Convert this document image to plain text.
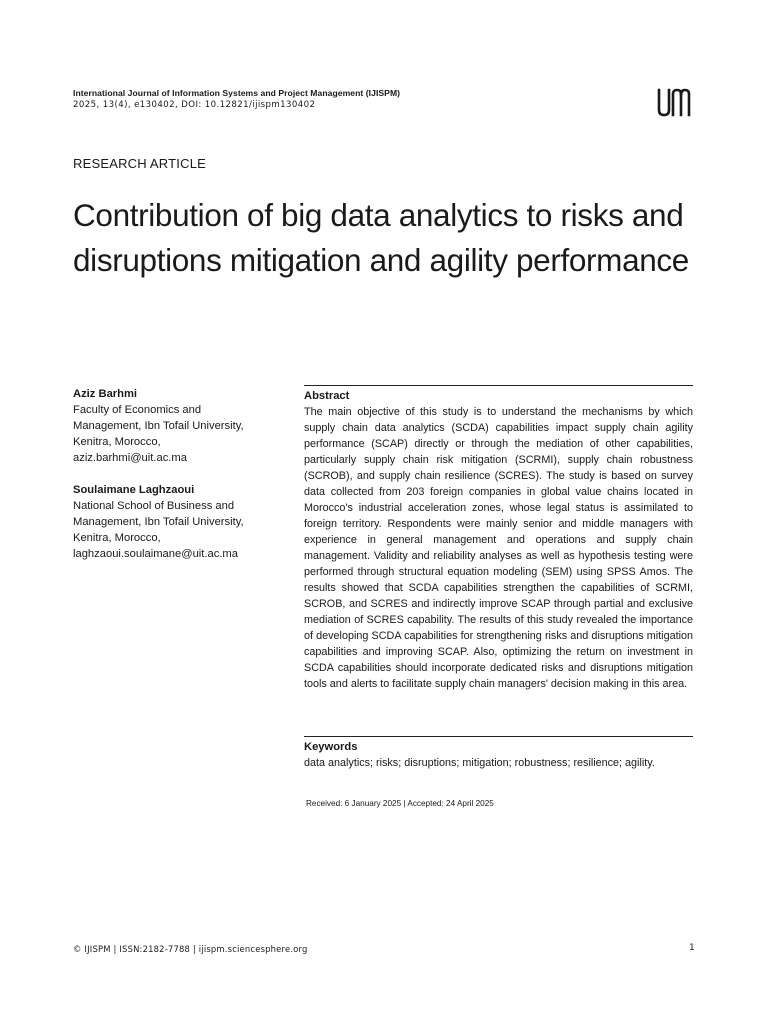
International Journal of Information Systems and Project Management (IJISPM)
2025, 13(4), e130402, DOI: 10.12821/ijispm130402
RESEARCH ARTICLE
Contribution of big data analytics to risks and disruptions mitigation and agility performance
Aziz Barhmi
Faculty of Economics and
Management, Ibn Tofail University,
Kenitra, Morocco,
aziz.barhmi@uit.ac.ma
Soulaimane Laghzaoui
National School of Business and
Management, Ibn Tofail University,
Kenitra, Morocco,
laghzaoui.soulaimane@uit.ac.ma
Abstract

The main objective of this study is to understand the mechanisms by which supply chain data analytics (SCDA) capabilities impact supply chain agility performance (SCAP) directly or through the mediation of other capabilities, particularly supply chain risk mitigation (SCRMI), supply chain robustness (SCROB), and supply chain resilience (SCRES). The study is based on survey data collected from 203 foreign companies in global value chains located in Morocco's industrial acceleration zones, whose legal status is assimilated to foreign territory. Respondents were mainly senior and middle managers with experience in general management and operations and supply chain management. Validity and reliability analyses as well as hypothesis testing were performed through structural equation modeling (SEM) using SPSS Amos. The results showed that SCDA capabilities strengthen the capabilities of SCRMI, SCROB, and SCRES and indirectly improve SCAP through partial and exclusive mediation of SCRES capability. The results of this study revealed the importance of developing SCDA capabilities for strengthening risks and disruptions mitigation capabilities and improving SCAP. Also, optimizing the return on investment in SCDA capabilities should incorporate dedicated risks and disruptions mitigation tools and alerts to facilitate supply chain managers' decision making in this area.

Keywords

data analytics; risks; disruptions; mitigation; robustness; resilience; agility.

Received: 6 January 2025 | Accepted: 24 April 2025
© IJISPM | ISSN:2182-7788 | ijispm.sciencesphere.org	1
